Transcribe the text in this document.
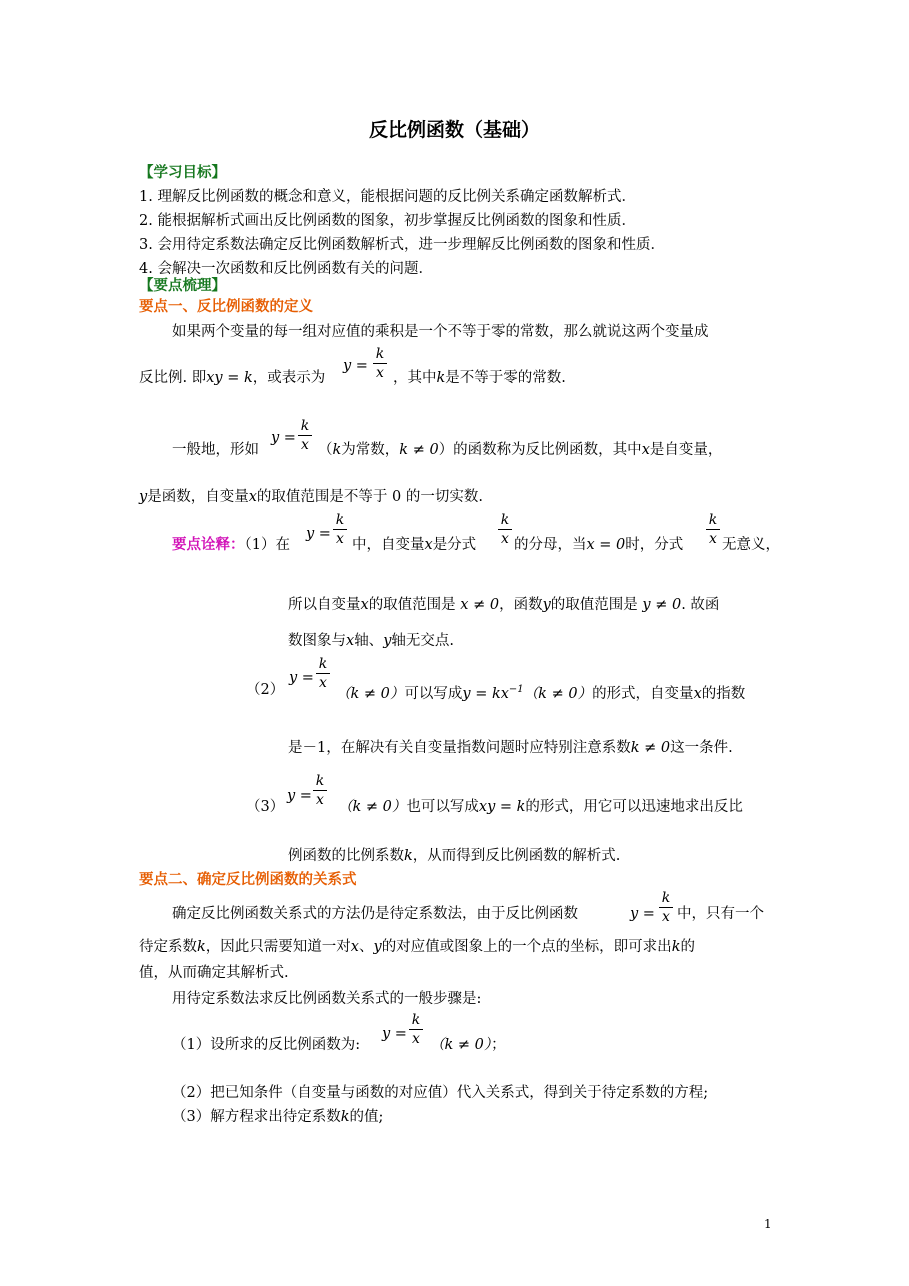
反比例函数（基础）
【学习目标】
1. 理解反比例函数的概念和意义，能根据问题的反比例关系确定函数解析式．
2. 能根据解析式画出反比例函数的图象，初步掌握反比例函数的图象和性质．
3. 会用待定系数法确定反比例函数解析式，进一步理解反比例函数的图象和性质．
4. 会解决一次函数和反比例函数有关的问题．
【要点梳理】
要点一、反比例函数的定义
如果两个变量的每一组对应值的乘积是一个不等于零的常数，那么就说这两个变量成
反比例. 即xy = k，或表示为
y =
k
x ，其中k是不等于零的常数.
一般地，形如
y =
k
x （k为常数，k ≠ 0）的函数称为反比例函数，其中x是自变量，
y是函数，自变量x的取值范围是不等于 0 的一切实数.
要点诠释：（1）在
y =
k
x 中，自变量x是分式
k
x 的分母，当x = 0时，分式
k
x 无意义，
所以自变量x的取值范围是 x ≠ 0，函数y的取值范围是 y ≠ 0. 故函
数图象与x轴、y轴无交点.
（2）
y =
k
x
（k ≠ 0）可以写成$y = kx^{-1}(k \ne 0)$的形式，自变量x的指数
是－1，在解决有关自变量指数问题时应特别注意系数k ≠ 0这一条件.
（3）
y =
k
x （k ≠ 0）也可以写成xy = k的形式，用它可以迅速地求出反比
例函数的比例系数k，从而得到反比例函数的解析式.
要点二、确定反比例函数的关系式
确定反比例函数关系式的方法仍是待定系数法，由于反比例函数	y =
k
x 中，只有一个
待定系数k，因此只需要知道一对x、y的对应值或图象上的一个点的坐标，即可求出k的
值，从而确定其解析式.
用待定系数法求反比例函数关系式的一般步骤是:
（1）设所求的反比例函数为:
y =
k
x （k ≠ 0）；
（2）把已知条件（自变量与函数的对应值）代入关系式，得到关于待定系数的方程;
（3）解方程求出待定系数k的值;
1
